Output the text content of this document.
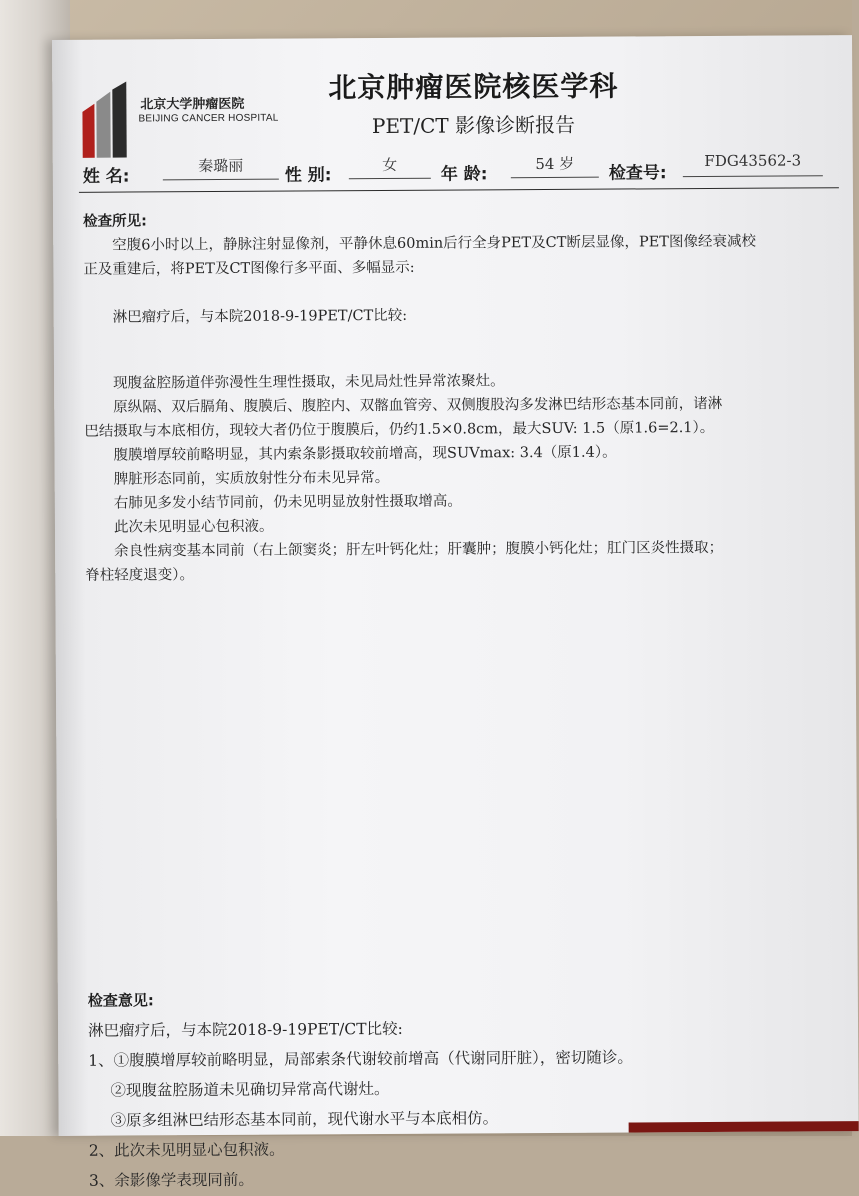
北京大学肿瘤医院
BEIJING CANCER HOSPITAL
北京肿瘤医院核医学科
PET/CT 影像诊断报告
姓 名:
秦璐丽	性 别:
女	年 龄:
54 岁	检查号:
FDG43562-3
检查所见:

空腹6小时以上，静脉注射显像剂，平静休息60min后行全身PET及CT断层显像，PET图像经衰减校

正及重建后，将PET及CT图像行多平面、多幅显示:

淋巴瘤疗后，与本院2018-9-19PET/CT比较:

现腹盆腔肠道伴弥漫性生理性摄取，未见局灶性异常浓聚灶。

原纵隔、双后膈角、腹膜后、腹腔内、双髂血管旁、双侧腹股沟多发淋巴结形态基本同前，诸淋

巴结摄取与本底相仿，现较大者仍位于腹膜后，仍约1.5×0.8cm，最大SUV: 1.5（原1.6=2.1）。

腹膜增厚较前略明显，其内索条影摄取较前增高，现SUVmax: 3.4（原1.4）。

脾脏形态同前，实质放射性分布未见异常。

右肺见多发小结节同前，仍未见明显放射性摄取增高。

此次未见明显心包积液。

余良性病变基本同前（右上颌窦炎；肝左叶钙化灶；肝囊肿；腹膜小钙化灶；肛门区炎性摄取；

脊柱轻度退变）。

检查意见:

淋巴瘤疗后，与本院2018-9-19PET/CT比较:

1、①腹膜增厚较前略明显，局部索条代谢较前增高（代谢同肝脏），密切随诊。

②现腹盆腔肠道未见确切异常高代谢灶。

③原多组淋巴结形态基本同前，现代谢水平与本底相仿。

2、此次未见明显心包积液。

3、余影像学表现同前。
